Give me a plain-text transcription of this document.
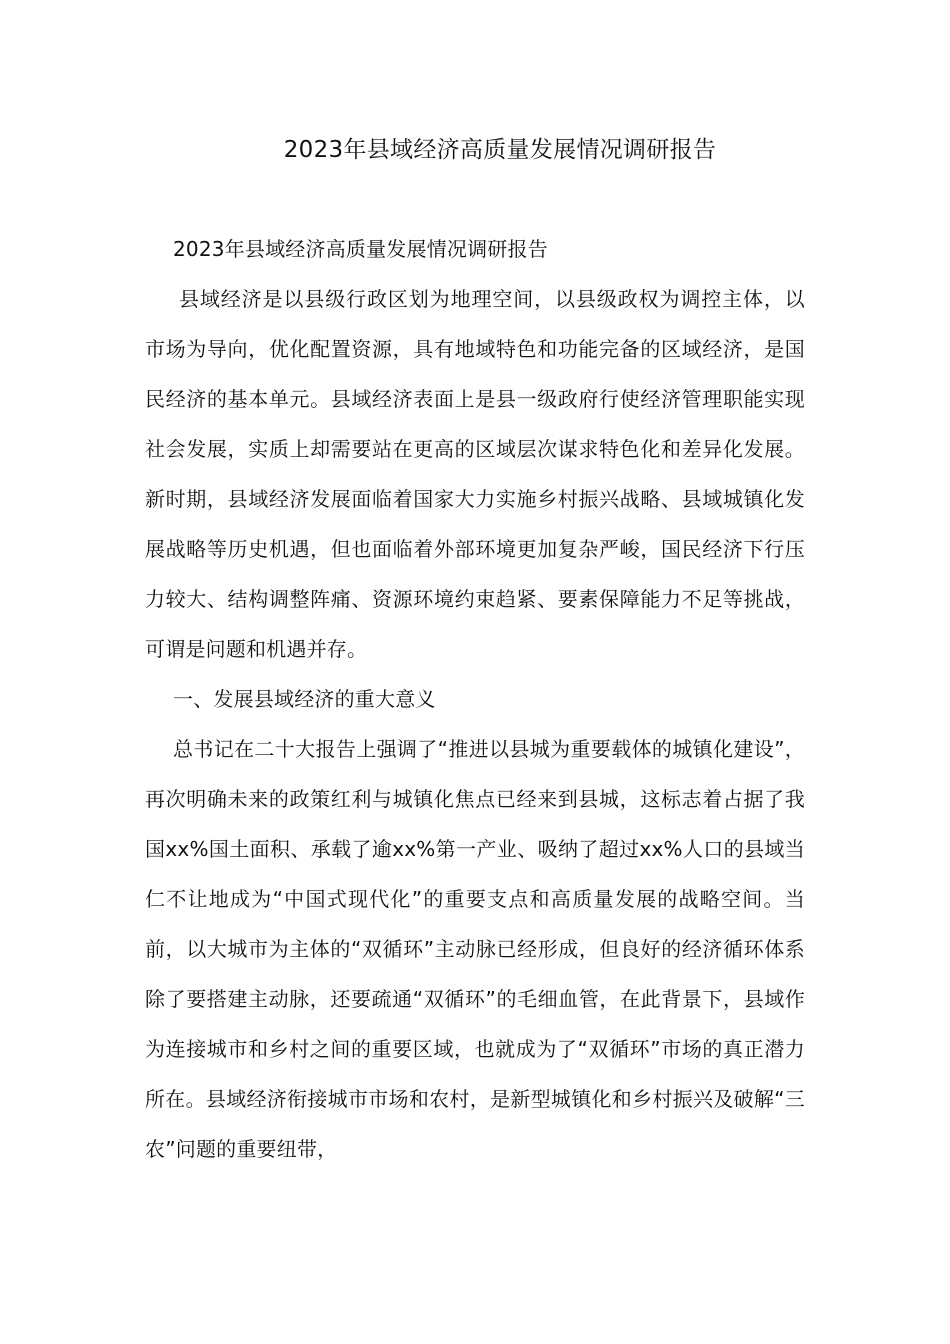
2023年县域经济高质量发展情况调研报告

2023年县域经济高质量发展情况调研报告

县域经济是以县级行政区划为地理空间，以县级政权为调控主体，以市场为导向，优化配置资源，具有地域特色和功能完备的区域经济，是国民经济的基本单元。县域经济表面上是县一级政府行使经济管理职能实现社会发展，实质上却需要站在更高的区域层次谋求特色化和差异化发展。新时期，县域经济发展面临着国家大力实施乡村振兴战略、县域城镇化发展战略等历史机遇，但也面临着外部环境更加复杂严峻，国民经济下行压力较大、结构调整阵痛、资源环境约束趋紧、要素保障能力不足等挑战，可谓是问题和机遇并存。

一、发展县域经济的重大意义

总书记在二十大报告上强调了“推进以县城为重要载体的城镇化建设”，再次明确未来的政策红利与城镇化焦点已经来到县城，这标志着占据了我国xx%国土面积、承载了逾xx%第一产业、吸纳了超过xx%人口的县域当仁不让地成为“中国式现代化”的重要支点和高质量发展的战略空间。当前，以大城市为主体的“双循环”主动脉已经形成，但良好的经济循环体系除了要搭建主动脉，还要疏通“双循环”的毛细血管，在此背景下，县域作为连接城市和乡村之间的重要区域，也就成为了“双循环”市场的真正潜力所在。县域经济衔接城市市场和农村，是新型城镇化和乡村振兴及破解“三农”问题的重要纽带，
